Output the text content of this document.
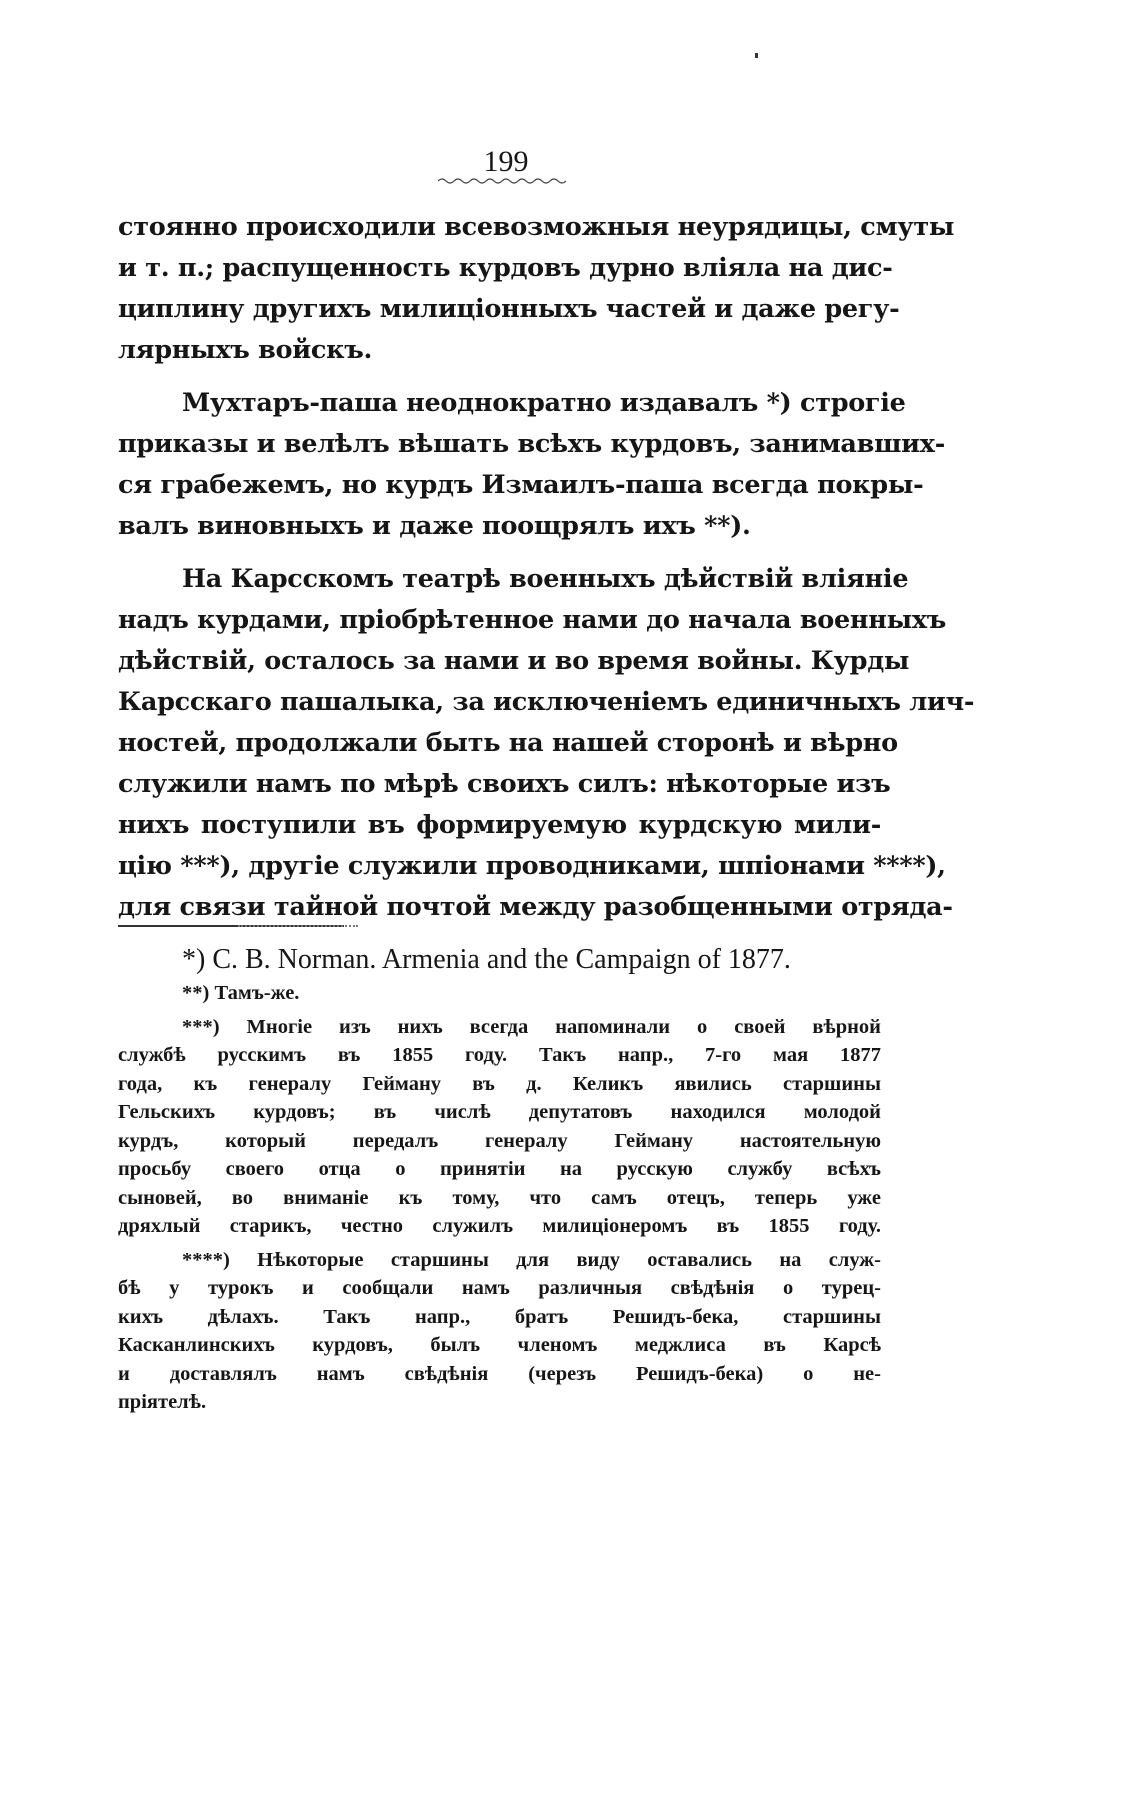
199
стоянно происходили всевозможныя неурядицы, смуты
и т. п.; распущенность курдовъ дурно вліяла на дис-
циплину другихъ милиціонныхъ частей и даже регу-
лярныхъ войскъ.
Мухтаръ-паша неоднократно издавалъ *) строгіе
приказы и велѣлъ вѣшать всѣхъ курдовъ, занимавших-
ся грабежемъ, но курдъ Измаилъ-паша всегда покры-
валъ виновныхъ и даже поощрялъ ихъ **).
На Карсскомъ театрѣ военныхъ дѣйствій вліяніе
надъ курдами, пріобрѣтенное нами до начала военныхъ
дѣйствій, осталось за нами и во время войны. Курды
Карсскаго пашалыка, за исключеніемъ единичныхъ лич-
ностей, продолжали быть на нашей сторонѣ и вѣрно
служили намъ по мѣрѣ своихъ силъ: нѣкоторые изъ
нихъ поступили въ формируемую курдскую мили-
цію ***), другіе служили проводниками, шпіонами ****),
для связи тайной почтой между разобщенными отряда-
*) C. B. Norman. Armenia and the Campaign of 1877.
**) Тамъ-же.
***) Многіе изъ нихъ всегда напоминали о своей вѣрной
службѣ русскимъ въ 1855 году. Такъ напр., 7-го мая 1877
года, къ генералу Гейману въ д. Келикъ явились старшины
Гельскихъ курдовъ; въ числѣ депутатовъ находился молодой
курдъ, который передалъ генералу Гейману настоятельную
просьбу своего отца о принятіи на русскую службу всѣхъ
сыновей, во вниманіе къ тому, что самъ отецъ, теперь уже
дряхлый старикъ, честно служилъ милиціонеромъ въ 1855 году.
****) Нѣкоторые старшины для виду оставались на служ-
бѣ у турокъ и сообщали намъ различныя свѣдѣнія о турец-
кихъ дѣлахъ. Такъ напр., братъ Решидъ-бека, старшины
Касканлинскихъ курдовъ, былъ членомъ меджлиса въ Карсѣ
и доставлялъ намъ свѣдѣнія (черезъ Решидъ-бека) о не-
пріятелѣ.
